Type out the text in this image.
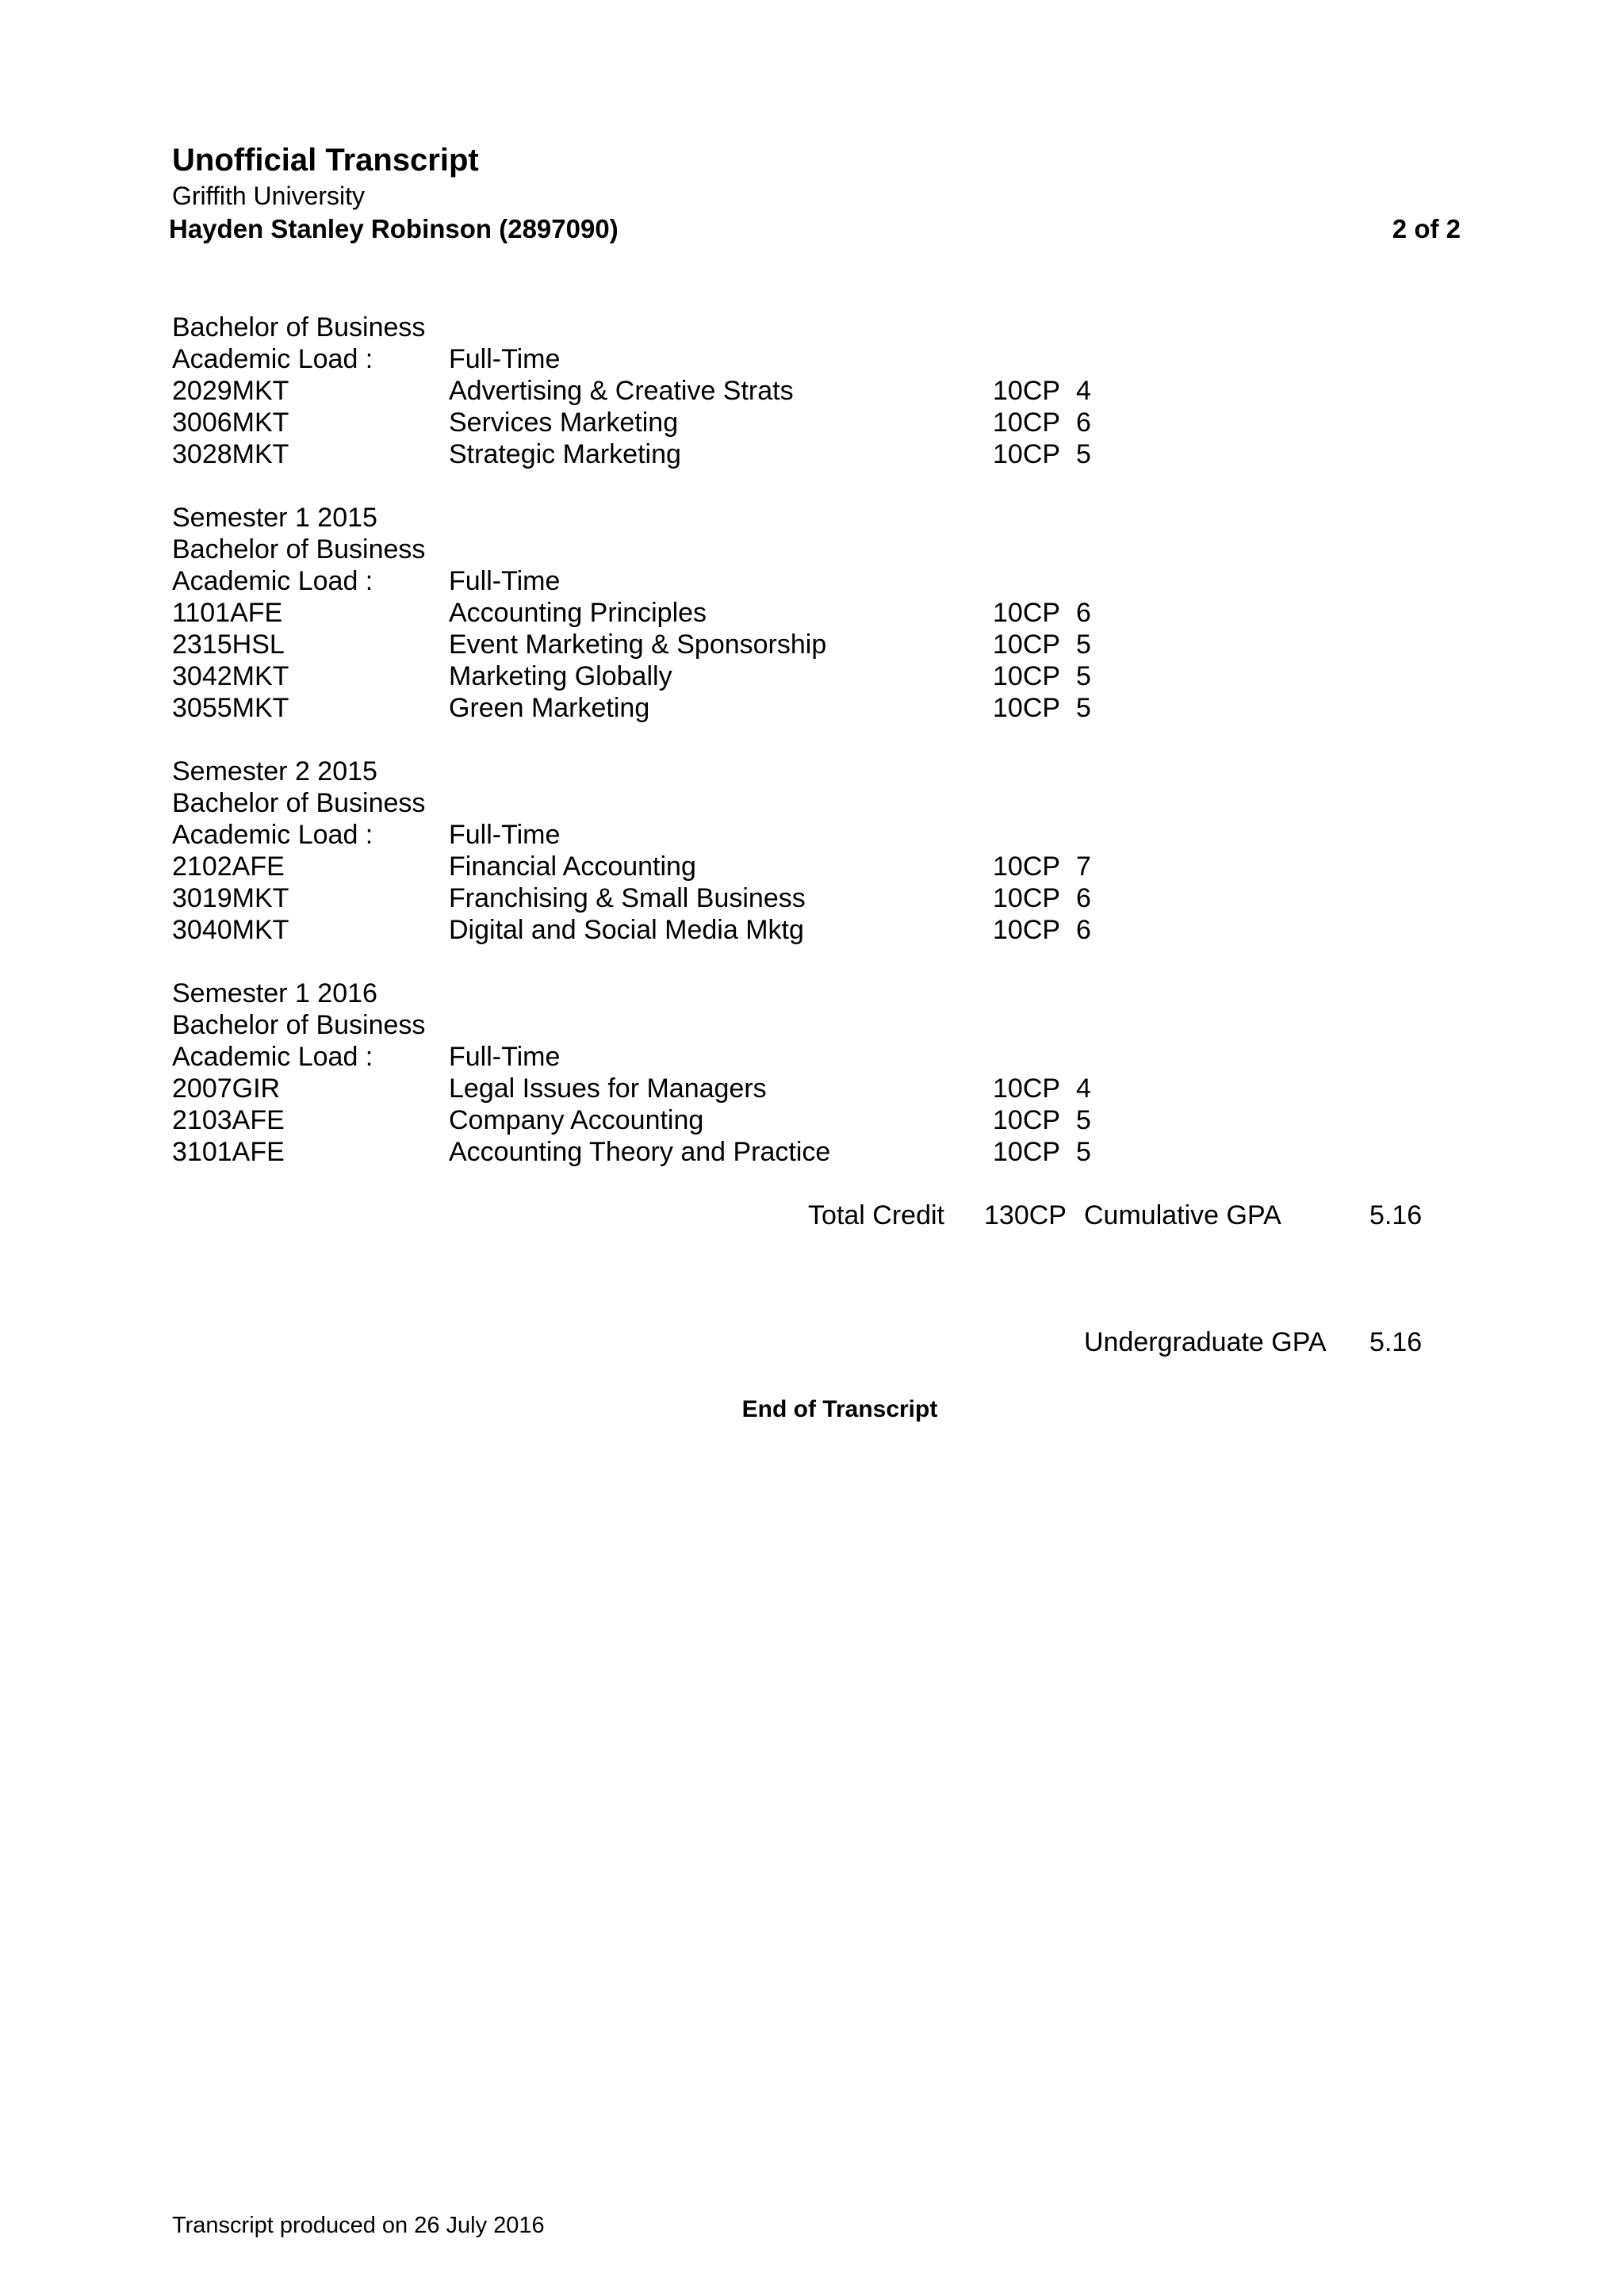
Unofficial Transcript
Griffith University
Hayden Stanley Robinson (2897090)	2 of 2
Bachelor of Business
Academic Load :	Full-Time
2029MKT	Advertising & Creative Strats	10CP 4
3006MKT	Services Marketing	10CP 6
3028MKT	Strategic Marketing	10CP 5
Semester 1 2015
Bachelor of Business
Academic Load :	Full-Time
1101AFE	Accounting Principles	10CP 6
2315HSL	Event Marketing & Sponsorship	10CP 5
3042MKT	Marketing Globally	10CP 5
3055MKT	Green Marketing	10CP 5
Semester 2 2015
Bachelor of Business
Academic Load :	Full-Time
2102AFE	Financial Accounting	10CP 7
3019MKT	Franchising & Small Business	10CP 6
3040MKT	Digital and Social Media Mktg	10CP 6
Semester 1 2016
Bachelor of Business
Academic Load :	Full-Time
2007GIR	Legal Issues for Managers	10CP 4
2103AFE	Company Accounting	10CP 5
3101AFE	Accounting Theory and Practice	10CP 5
Total Credit 130CP Cumulative GPA	5.16
Undergraduate GPA 5.16
End of Transcript
Transcript produced on 26 July 2016
